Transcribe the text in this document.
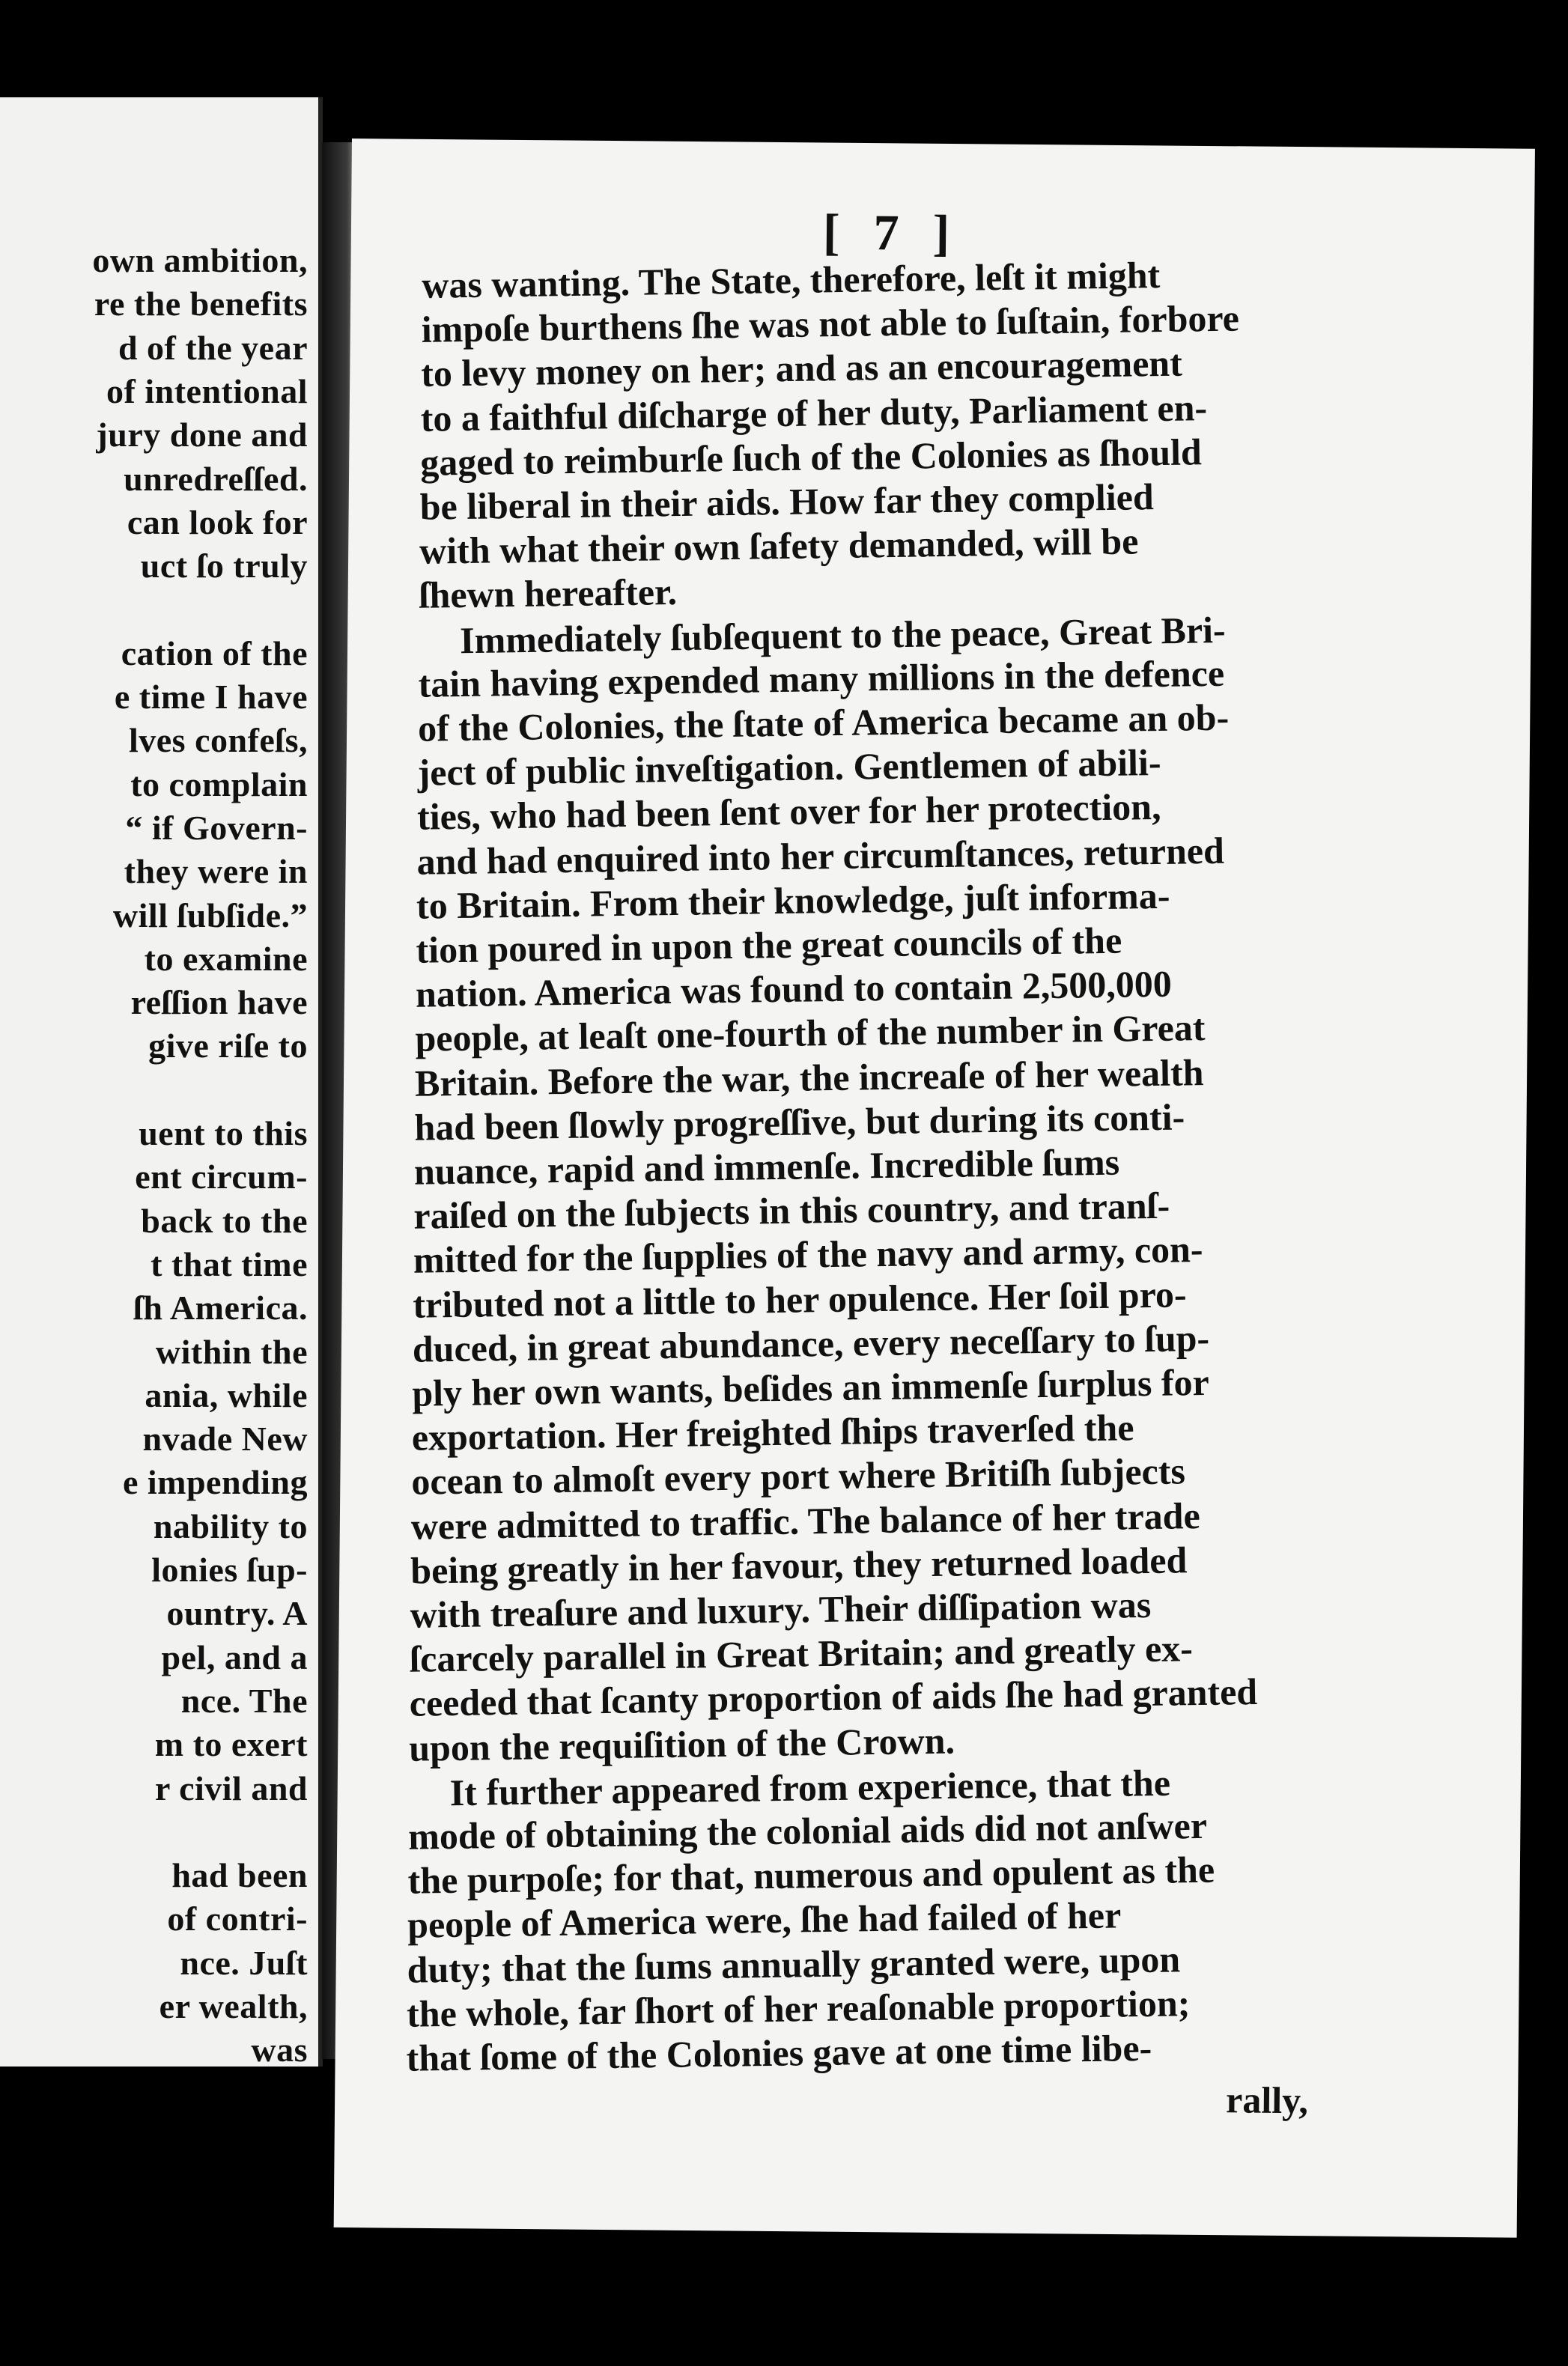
own ambition,
re the benefits
d of the year
of intentional
jury done and
unredreſſed.
can look for
uct ſo truly
cation of the
e time I have
lves confeſs,
to complain
“ if Govern-
they were in
will ſubſide.”
to examine
reſſion have
give riſe to
uent to this
ent circum-
back to the
t that time
ſh America.
within the
ania, while
nvade New
e impending
nability to
lonies ſup-
ountry. A
pel, and a
nce. The
m to exert
r civil and
had been
of contri-
nce. Juſt
er wealth,
was
[ 7 ]
rally,
was wanting. The State, therefore, leſt it might
impoſe burthens ſhe was not able to ſuſtain, forbore
to levy money on her; and as an encouragement
to a faithful diſcharge of her duty, Parliament en-
gaged to reimburſe ſuch of the Colonies as ſhould
be liberal in their aids. How far they complied
with what their own ſafety demanded, will be
ſhewn hereafter.
Immediately ſubſequent to the peace, Great Bri-
tain having expended many millions in the defence
of the Colonies, the ſtate of America became an ob-
ject of public inveſtigation. Gentlemen of abili-
ties, who had been ſent over for her protection,
and had enquired into her circumſtances, returned
to Britain. From their knowledge, juſt informa-
tion poured in upon the great councils of the
nation. America was found to contain 2,500,000
people, at leaſt one-fourth of the number in Great
Britain. Before the war, the increaſe of her wealth
had been ſlowly progreſſive, but during its conti-
nuance, rapid and immenſe. Incredible ſums
raiſed on the ſubjects in this country, and tranſ-
mitted for the ſupplies of the navy and army, con-
tributed not a little to her opulence. Her ſoil pro-
duced, in great abundance, every neceſſary to ſup-
ply her own wants, beſides an immenſe ſurplus for
exportation. Her freighted ſhips traverſed the
ocean to almoſt every port where Britiſh ſubjects
were admitted to traffic. The balance of her trade
being greatly in her favour, they returned loaded
with treaſure and luxury. Their diſſipation was
ſcarcely parallel in Great Britain; and greatly ex-
ceeded that ſcanty proportion of aids ſhe had granted
upon the requiſition of the Crown.
It further appeared from experience, that the
mode of obtaining the colonial aids did not anſwer
the purpoſe; for that, numerous and opulent as the
people of America were, ſhe had failed of her
duty; that the ſums annually granted were, upon
the whole, far ſhort of her reaſonable proportion;
that ſome of the Colonies gave at one time libe-
